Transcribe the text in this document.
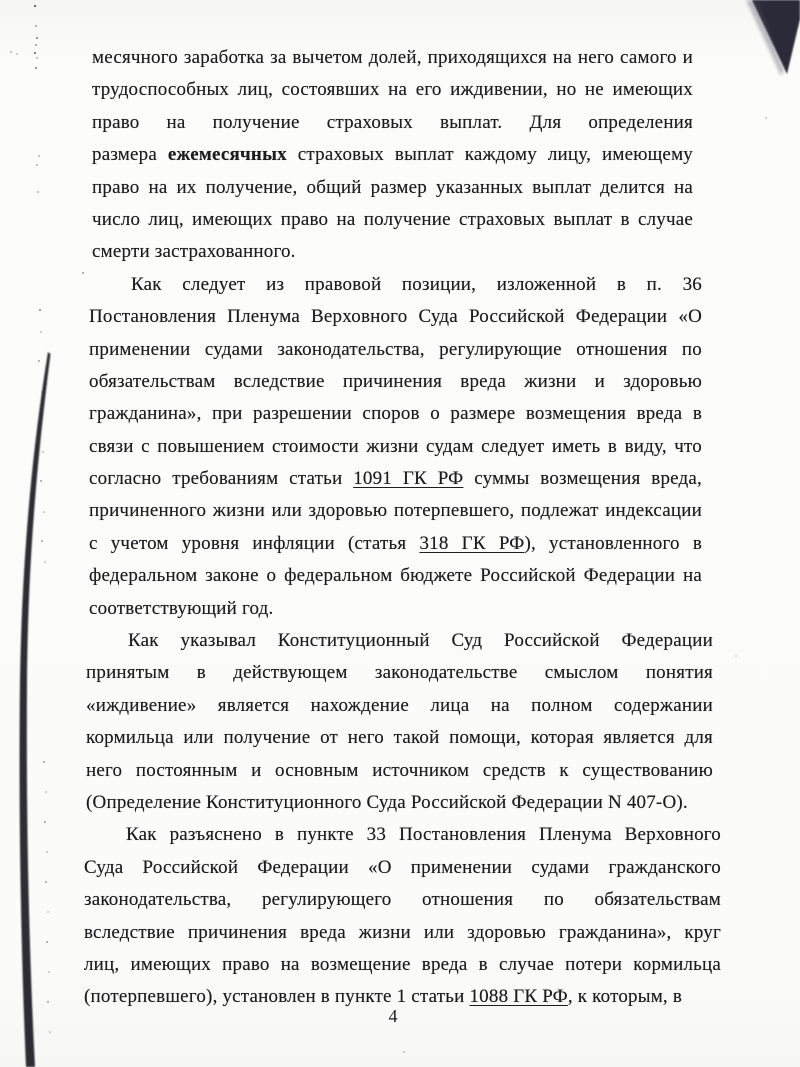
месячного заработка за вычетом долей, приходящихся на него самого и
трудоспособных лиц, состоявших на его иждивении, но не имеющих
право на получение страховых выплат. Для определения
размера ежемесячных страховых выплат каждому лицу, имеющему
право на их получение, общий размер указанных выплат делится на
число лиц, имеющих право на получение страховых выплат в случае
смерти застрахованного.
Как следует из правовой позиции, изложенной в п. 36
Постановления Пленума Верховного Суда Российской Федерации «О
применении судами законодательства, регулирующие отношения по
обязательствам вследствие причинения вреда жизни и здоровью
гражданина», при разрешении споров о размере возмещения вреда в
связи с повышением стоимости жизни судам следует иметь в виду, что
согласно требованиям статьи 1091 ГК РФ суммы возмещения вреда,
причиненного жизни или здоровью потерпевшего, подлежат индексации
с учетом уровня инфляции (статья 318 ГК РФ), установленного в
федеральном законе о федеральном бюджете Российской Федерации на
соответствующий год.
Как указывал Конституционный Суд Российской Федерации
принятым в действующем законодательстве смыслом понятия
«иждивение» является нахождение лица на полном содержании
кормильца или получение от него такой помощи, которая является для
него постоянным и основным источником средств к существованию
(Определение Конституционного Суда Российской Федерации N 407-О).
Как разъяснено в пункте 33 Постановления Пленума Верховного
Суда Российской Федерации «О применении судами гражданского
законодательства, регулирующего отношения по обязательствам
вследствие причинения вреда жизни или здоровью гражданина», круг
лиц, имеющих право на возмещение вреда в случае потери кормильца
(потерпевшего), установлен в пункте 1 статьи 1088 ГК РФ, к которым, в
4
